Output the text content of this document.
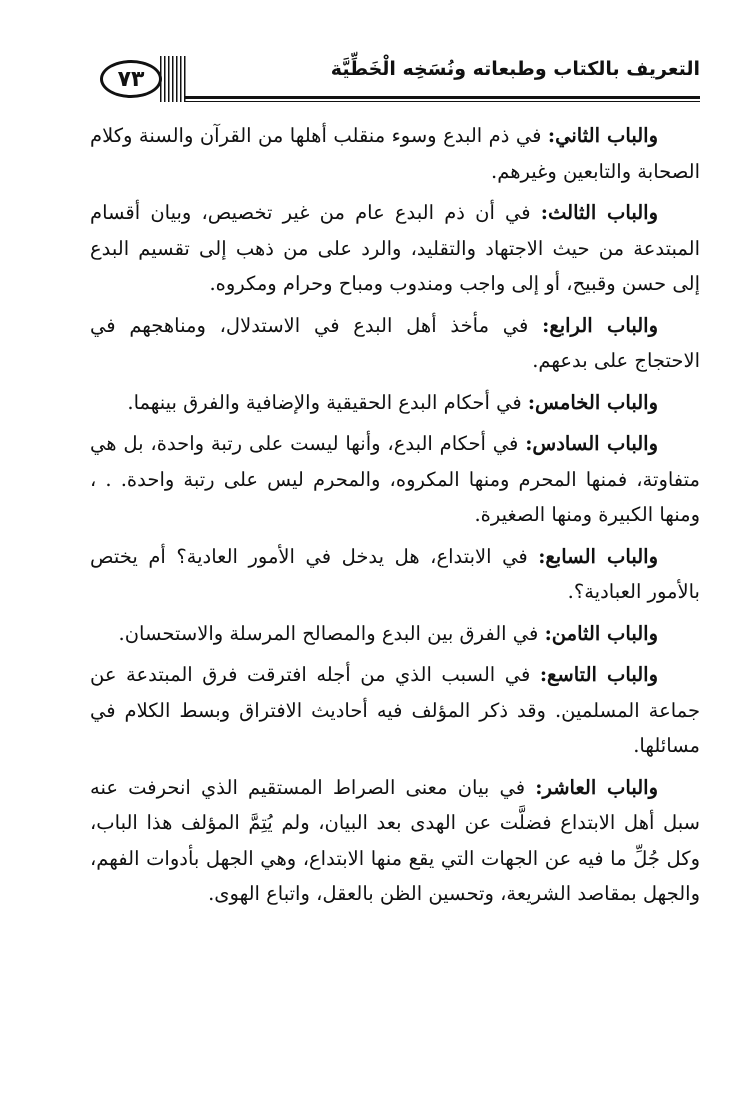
التعريف بالكتاب وطبعاته ونُسَخِه الْخَطِّيَّة
٧٣

والباب الثاني: في ذم البدع وسوء منقلب أهلها من القرآن والسنة وكلام الصحابة والتابعين وغيرهم.

والباب الثالث: في أن ذم البدع عام من غير تخصيص، وبيان أقسام المبتدعة من حيث الاجتهاد والتقليد، والرد على من ذهب إلى تقسيم البدع إلى حسن وقبيح، أو إلى واجب ومندوب ومباح وحرام ومكروه.

والباب الرابع: في مأخذ أهل البدع في الاستدلال، ومناهجهم في الاحتجاج على بدعهم.

والباب الخامس: في أحكام البدع الحقيقية والإضافية والفرق بينهما.

والباب السادس: في أحكام البدع، وأنها ليست على رتبة واحدة، بل هي متفاوتة، فمنها المحرم ومنها المكروه، والمحرم ليس على رتبة واحدة. . ، ومنها الكبيرة ومنها الصغيرة.

والباب السابع: في الابتداع، هل يدخل في الأمور العادية؟ أم يختص بالأمور العبادية؟.

والباب الثامن: في الفرق بين البدع والمصالح المرسلة والاستحسان.

والباب التاسع: في السبب الذي من أجله افترقت فرق المبتدعة عن جماعة المسلمين. وقد ذكر المؤلف فيه أحاديث الافتراق وبسط الكلام في مسائلها.

والباب العاشر: في بيان معنى الصراط المستقيم الذي انحرفت عنه سبل أهل الابتداع فضلَّت عن الهدى بعد البيان، ولم يُتِمَّ المؤلف هذا الباب، وكل جُلِّ ما فيه عن الجهات التي يقع منها الابتداع، وهي الجهل بأدوات الفهم، والجهل بمقاصد الشريعة، وتحسين الظن بالعقل، واتباع الهوى.
